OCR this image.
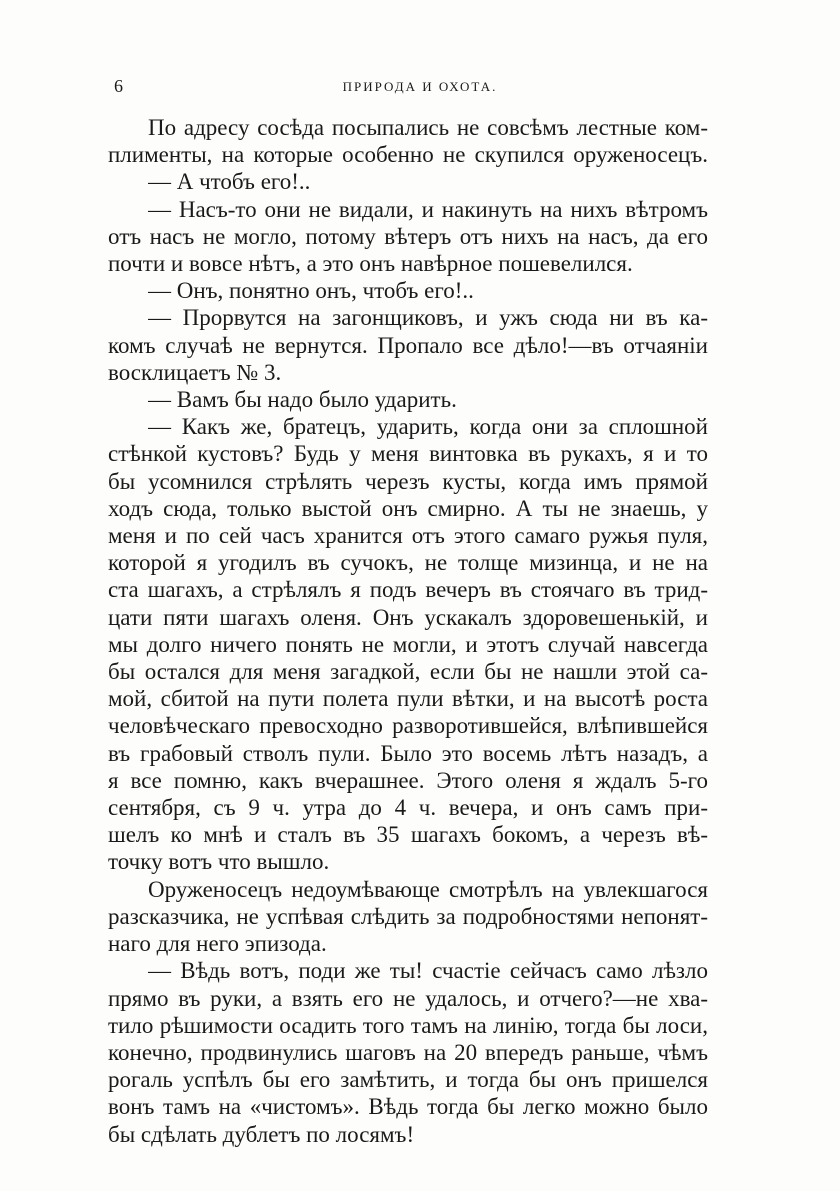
6	ПРИРОДА И ОХОТА.
По адресу сосѣда посыпались не совсѣмъ лестные ком-
плименты, на которые особенно не скупился оруженосецъ.
— А чтобъ его!..
— Насъ-то они не видали, и накинуть на нихъ вѣтромъ
отъ насъ не могло, потому вѣтеръ отъ нихъ на насъ, да его
почти и вовсе нѣтъ, а это онъ навѣрное пошевелился.
— Онъ, понятно онъ, чтобъ его!..
— Прорвутся на загонщиковъ, и ужъ сюда ни въ ка-
комъ случаѣ не вернутся. Пропало все дѣло!—въ отчаяніи
восклицаетъ № 3.
— Вамъ бы надо было ударить.
— Какъ же, братецъ, ударить, когда они за сплошной
стѣнкой кустовъ? Будь у меня винтовка въ рукахъ, я и то
бы усомнился стрѣлять черезъ кусты, когда имъ прямой
ходъ сюда, только выстой онъ смирно. А ты не знаешь, у
меня и по сей часъ хранится отъ этого самаго ружья пуля,
которой я угодилъ въ сучокъ, не толще мизинца, и не на
ста шагахъ, а стрѣлялъ я подъ вечеръ въ стоячаго въ трид-
цати пяти шагахъ оленя. Онъ ускакалъ здоровешенькій, и
мы долго ничего понять не могли, и этотъ случай навсегда
бы остался для меня загадкой, если бы не нашли этой са-
мой, сбитой на пути полета пули вѣтки, и на высотѣ роста
человѣческаго превосходно разворотившейся, влѣпившейся
въ грабовый стволъ пули. Было это восемь лѣтъ назадъ, а
я все помню, какъ вчерашнее. Этого оленя я ждалъ 5-го
сентября, съ 9 ч. утра до 4 ч. вечера, и онъ самъ при-
шелъ ко мнѣ и сталъ въ 35 шагахъ бокомъ, а черезъ вѣ-
точку вотъ что вышло.
Оруженосецъ недоумѣвающе смотрѣлъ на увлекшагося
разсказчика, не успѣвая слѣдить за подробностями непонят-
наго для него эпизода.
— Вѣдь вотъ, поди же ты! счастіе сейчасъ само лѣзло
прямо въ руки, а взять его не удалось, и отчего?—не хва-
тило рѣшимости осадить того тамъ на линію, тогда бы лоси,
конечно, продвинулись шаговъ на 20 впередъ раньше, чѣмъ
рогаль успѣлъ бы его замѣтить, и тогда бы онъ пришелся
вонъ тамъ на «чистомъ». Вѣдь тогда бы легко можно было
бы сдѣлать дублетъ по лосямъ!
